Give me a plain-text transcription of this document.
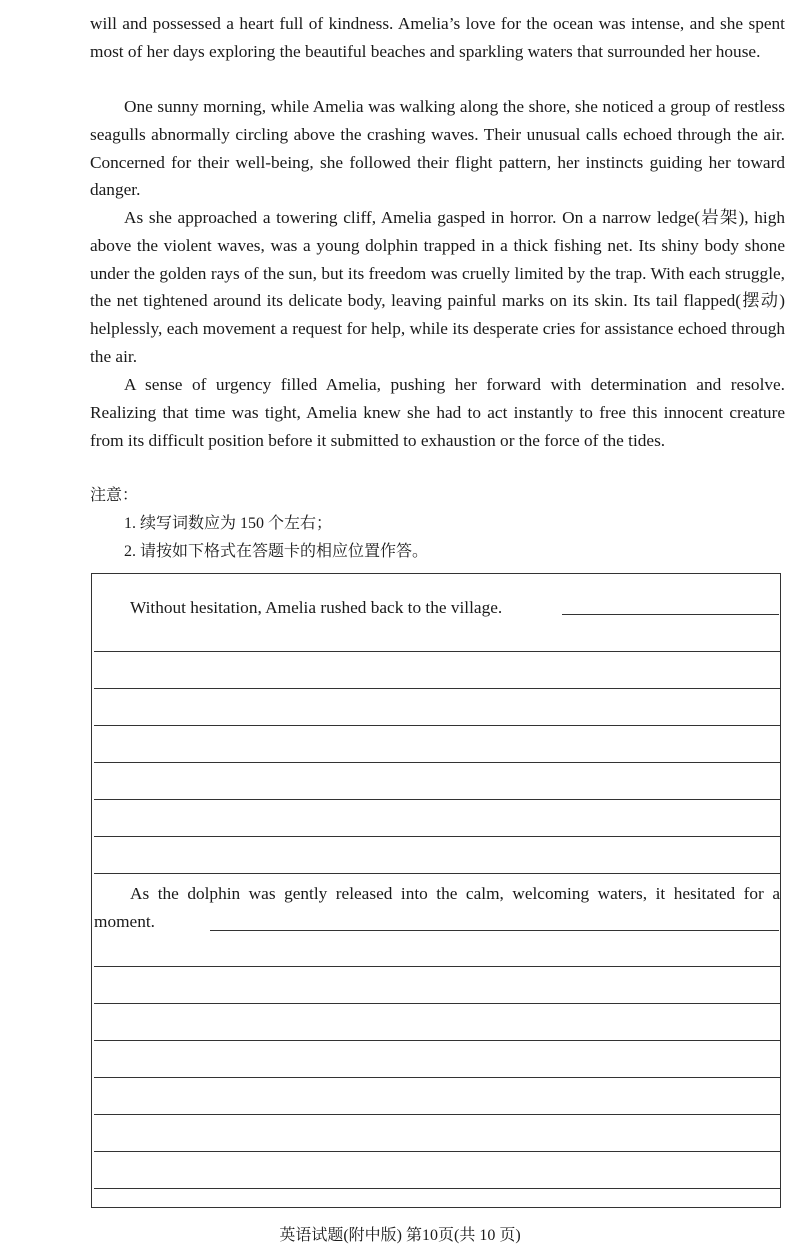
will and possessed a heart full of kindness. Amelia’s love for the ocean was intense, and she spent most of her days exploring the beautiful beaches and sparkling waters that surrounded her house.

One sunny morning, while Amelia was walking along the shore, she noticed a group of restless seagulls abnormally circling above the crashing waves. Their unusual calls echoed through the air. Concerned for their well-being, she followed their flight pattern, her instincts guiding her toward danger.

As she approached a towering cliff, Amelia gasped in horror. On a narrow ledge(岩架), high above the violent waves, was a young dolphin trapped in a thick fishing net. Its shiny body shone under the golden rays of the sun, but its freedom was cruelly limited by the trap. With each struggle, the net tightened around its delicate body, leaving painful marks on its skin. Its tail flapped(摆动) helplessly, each movement a request for help, while its desperate cries for assistance echoed through the air.

A sense of urgency filled Amelia, pushing her forward with determination and resolve. Realizing that time was tight, Amelia knew she had to act instantly to free this innocent creature from its difficult position before it submitted to exhaustion or the force of the tides.

注意：
1. 续写词数应为 150 个左右；
2. 请按如下格式在答题卡的相应位置作答。

Without hesitation, Amelia rushed back to the village.

As the dolphin was gently released into the calm, welcoming waters, it hesitated for a moment.

英语试题(附中版) 第10页(共 10 页)
